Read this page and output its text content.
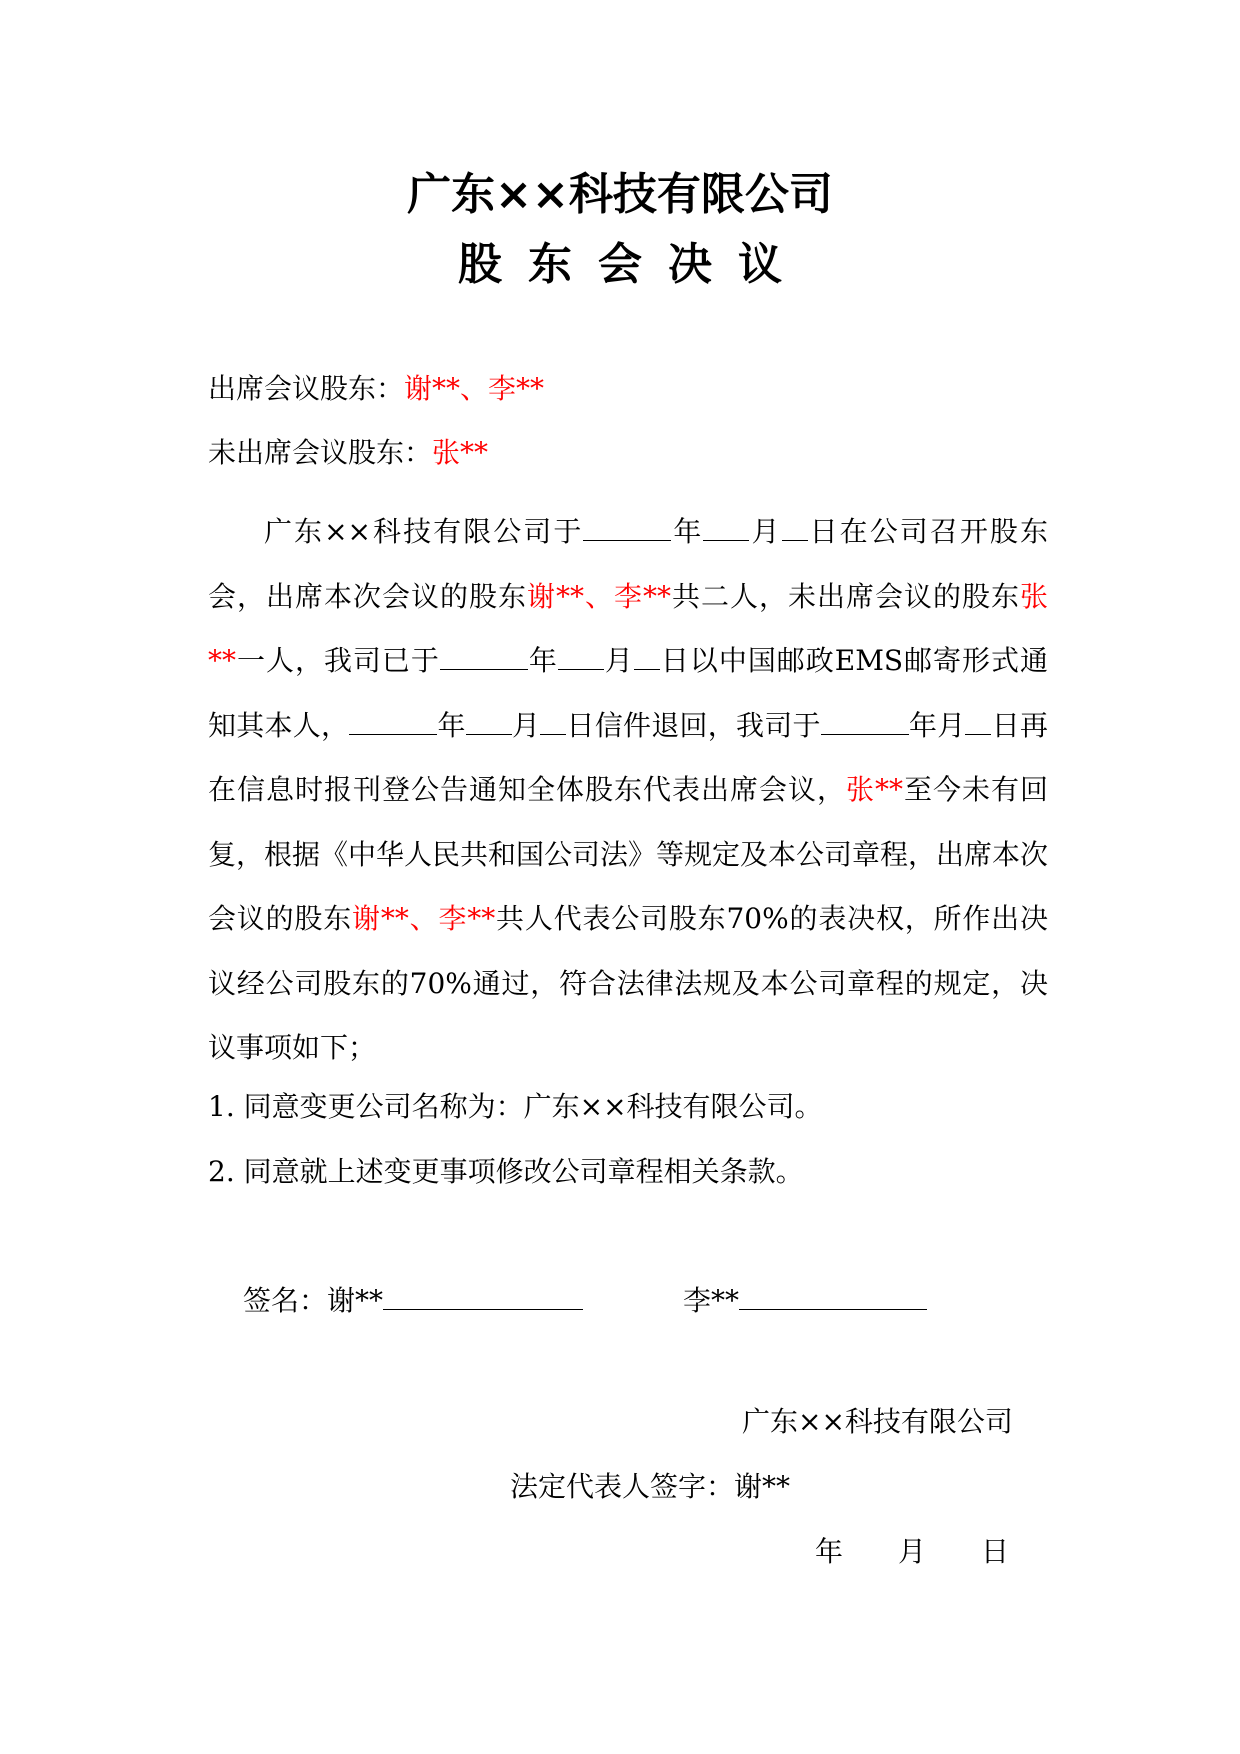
广东××科技有限公司
股东会决议
出席会议股东：谢**、李**
未出席会议股东：张**
广东××科技有限公司于	年 月 日在公司召开股东会，出席本次会议的股东谢**、李**共二人，未出席会议的股东张**一人，我司已于	年 月 日以中国邮政EMS邮寄形式通知其本人，	年 月 日信件退回，我司于	年月 日再在信息时报刊登公告通知全体股东代表出席会议，张**至今未有回复，根据《中华人民共和国公司法》等规定及本公司章程，出席本次会议的股东谢**、李**共人代表公司股东70%的表决权，所作出决议经公司股东的70%通过，符合法律法规及本公司章程的规定，决议事项如下；
1. 同意变更公司名称为：广东××科技有限公司。
2. 同意就上述变更事项修改公司章程相关条款。
签名：谢**	李**
广东××科技有限公司
法定代表人签字：谢**
年 月 日
